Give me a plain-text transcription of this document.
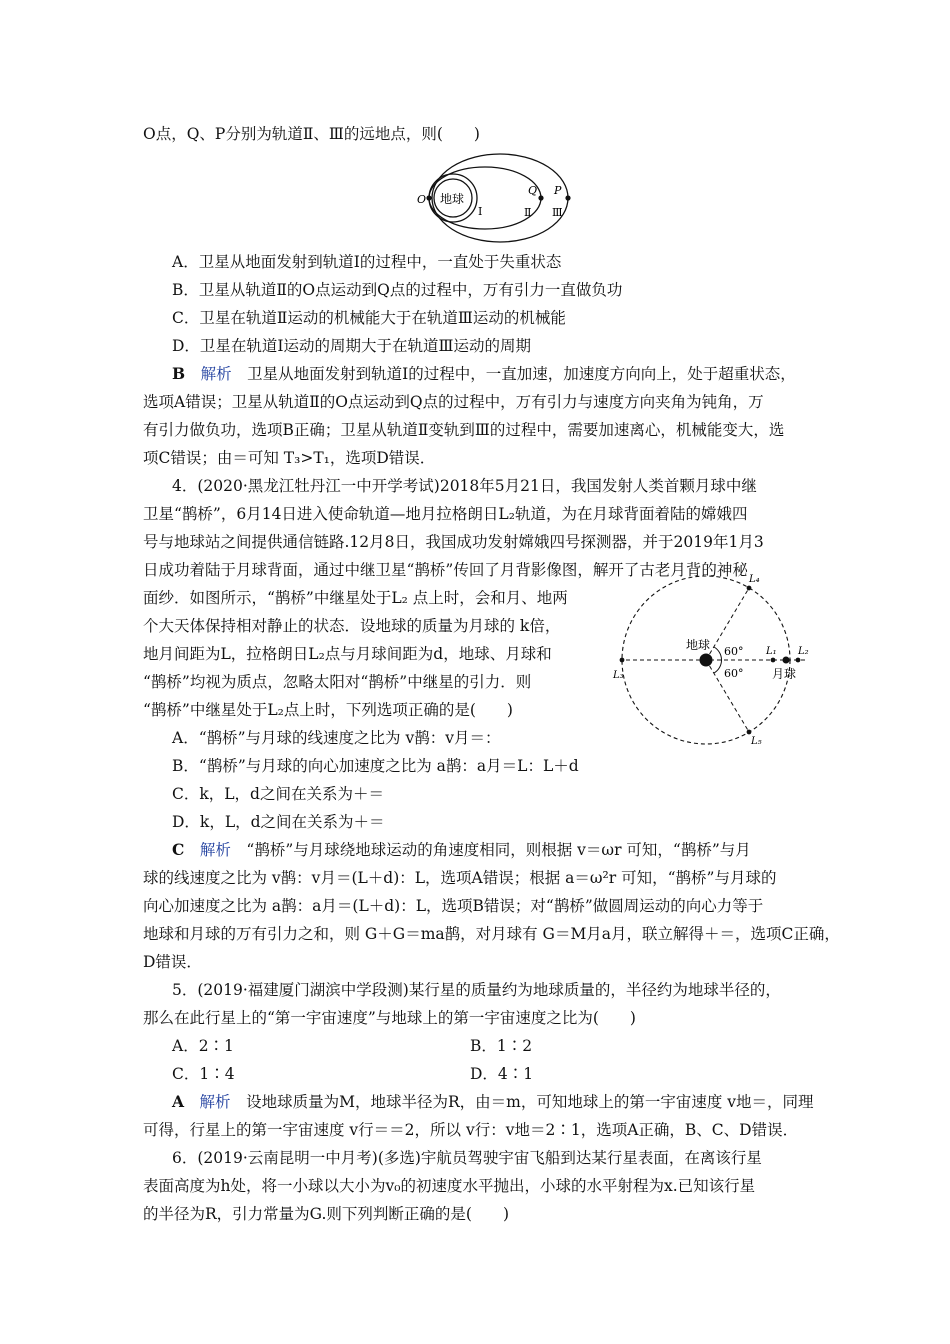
O点，Q、P分别为轨道Ⅱ、Ⅲ的远地点，则(　　)
地球
O
Ⅰ
Q
Ⅱ
P
Ⅲ
A．卫星从地面发射到轨道Ⅰ的过程中，一直处于失重状态
B．卫星从轨道Ⅱ的O点运动到Q点的过程中，万有引力一直做负功
C．卫星在轨道Ⅱ运动的机械能大于在轨道Ⅲ运动的机械能
D．卫星在轨道Ⅰ运动的周期大于在轨道Ⅲ运动的周期
B　 解析　 卫星从地面发射到轨道Ⅰ的过程中，一直加速，加速度方向向上，处于超重状态，
选项A错误；卫星从轨道Ⅱ的O点运动到Q点的过程中，万有引力与速度方向夹角为钝角，万
有引力做负功，选项B正确；卫星从轨道Ⅱ变轨到Ⅲ的过程中，需要加速离心，机械能变大，选
项C错误；由＝可知 T₃>T₁，选项D错误．
4．(2020·黑龙江牡丹江一中开学考试)2018年5月21日，我国发射人类首颗月球中继
卫星“鹊桥”，6月14日进入使命轨道—地月拉格朗日L₂轨道，为在月球背面着陆的嫦娥四
号与地球站之间提供通信链路.12月8日，我国成功发射嫦娥四号探测器，并于2019年1月3
日成功着陆于月球背面，通过中继卫星“鹊桥”传回了月背影像图，解开了古老月背的神秘
面纱．如图所示，“鹊桥”中继星处于L₂ 点上时，会和月、地两
个大天体保持相对静止的状态．设地球的质量为月球的 k倍，
地月间距为L，拉格朗日L₂点与月球间距为d，地球、月球和
“鹊桥”均视为质点，忽略太阳对“鹊桥”中继星的引力．则
“鹊桥”中继星处于L₂点上时，下列选项正确的是(　　)
地球 60°
60° 月球
L₁ L₂
L₃
L₄
L₅
A．“鹊桥”与月球的线速度之比为 v鹊：v月＝：
B．“鹊桥”与月球的向心加速度之比为 a鹊：a月＝L：L＋d
C．k，L，d之间在关系为＋＝
D．k，L，d之间在关系为＋＝
C　 解析　 “鹊桥”与月球绕地球运动的角速度相同，则根据 v＝ωr 可知，“鹊桥”与月
球的线速度之比为 v鹊：v月＝(L＋d)：L，选项A错误；根据 a＝ω²r 可知，“鹊桥”与月球的
向心加速度之比为 a鹊：a月＝(L＋d)：L，选项B错误；对“鹊桥”做圆周运动的向心力等于
地球和月球的万有引力之和，则 G＋G＝ma鹊，对月球有 G＝M月a月，联立解得＋＝，选项C正确，
D错误．
5．(2019·福建厦门湖滨中学段测)某行星的质量约为地球质量的，半径约为地球半径的，
那么在此行星上的“第一宇宙速度”与地球上的第一宇宙速度之比为(　　)
A．2∶1	B．1∶2
C．1∶4	D．4∶1
A　 解析　 设地球质量为M，地球半径为R，由＝m，可知地球上的第一宇宙速度 v地＝，同理
可得，行星上的第一宇宙速度 v行＝＝2，所以 v行：v地＝2∶1，选项A正确，B、C、D错误．
6．(2019·云南昆明一中月考)(多选)宇航员驾驶宇宙飞船到达某行星表面，在离该行星
表面高度为h处，将一小球以大小为v₀的初速度水平抛出，小球的水平射程为x.已知该行星
的半径为R，引力常量为G.则下列判断正确的是(　　)
